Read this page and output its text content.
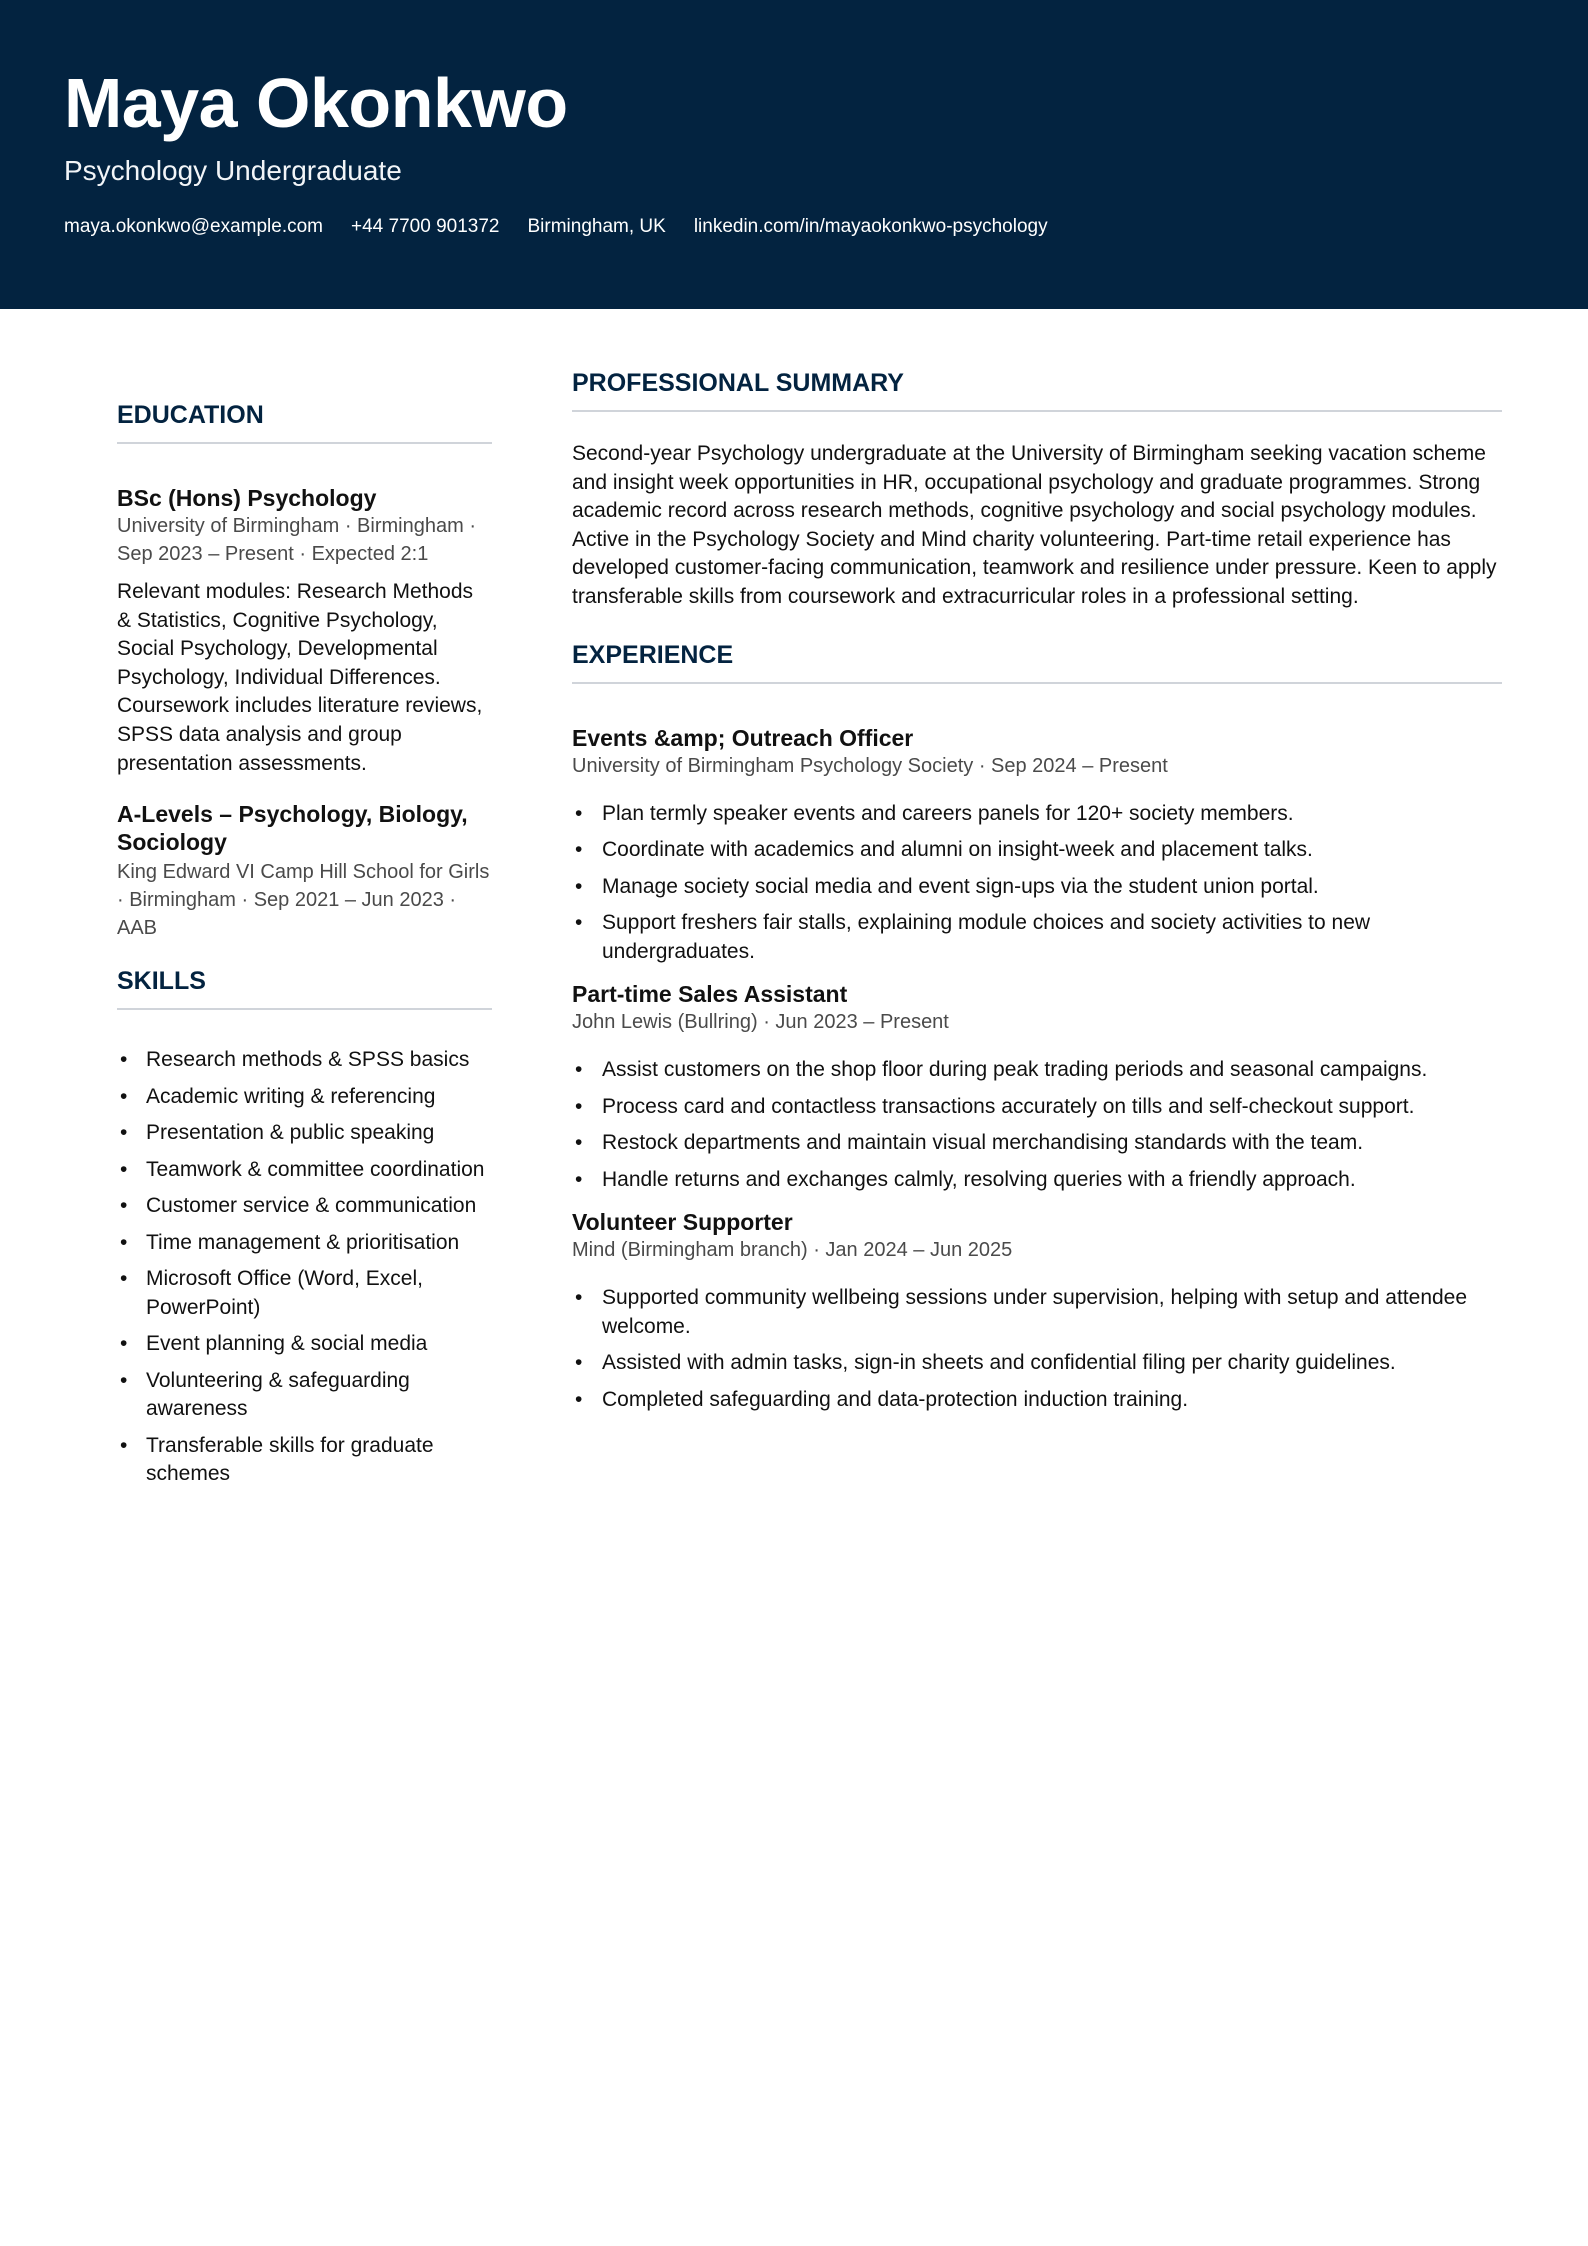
Maya Okonkwo
Psychology Undergraduate
maya.okonkwo@example.com +44 7700 901372 Birmingham, UK linkedin.com/in/mayaokonkwo-psychology
EDUCATION
BSc (Hons) Psychology
University of Birmingham · Birmingham · Sep 2023 – Present · Expected 2:1
Relevant modules: Research Methods & Statistics, Cognitive Psychology, Social Psychology, Developmental Psychology, Individual Differences. Coursework includes literature reviews, SPSS data analysis and group presentation assessments.
A-Levels – Psychology, Biology, Sociology
King Edward VI Camp Hill School for Girls · Birmingham · Sep 2021 – Jun 2023 · AAB
SKILLS
• Research methods & SPSS basics
• Academic writing & referencing
• Presentation & public speaking
• Teamwork & committee coordination
• Customer service & communication
• Time management & prioritisation
• Microsoft Office (Word, Excel, PowerPoint)
• Event planning & social media
• Volunteering & safeguarding awareness
• Transferable skills for graduate schemes
PROFESSIONAL SUMMARY
Second-year Psychology undergraduate at the University of Birmingham seeking vacation scheme and insight week opportunities in HR, occupational psychology and graduate programmes. Strong academic record across research methods, cognitive psychology and social psychology modules. Active in the Psychology Society and Mind charity volunteering. Part-time retail experience has developed customer-facing communication, teamwork and resilience under pressure. Keen to apply transferable skills from coursework and extracurricular roles in a professional setting.
EXPERIENCE
Events &amp; Outreach Officer
University of Birmingham Psychology Society · Sep 2024 – Present
• Plan termly speaker events and careers panels for 120+ society members.
• Coordinate with academics and alumni on insight-week and placement talks.
• Manage society social media and event sign-ups via the student union portal.
• Support freshers fair stalls, explaining module choices and society activities to new undergraduates.
Part-time Sales Assistant
John Lewis (Bullring) · Jun 2023 – Present
• Assist customers on the shop floor during peak trading periods and seasonal campaigns.
• Process card and contactless transactions accurately on tills and self-checkout support.
• Restock departments and maintain visual merchandising standards with the team.
• Handle returns and exchanges calmly, resolving queries with a friendly approach.
Volunteer Supporter
Mind (Birmingham branch) · Jan 2024 – Jun 2025
• Supported community wellbeing sessions under supervision, helping with setup and attendee welcome.
• Assisted with admin tasks, sign-in sheets and confidential filing per charity guidelines.
• Completed safeguarding and data-protection induction training.
